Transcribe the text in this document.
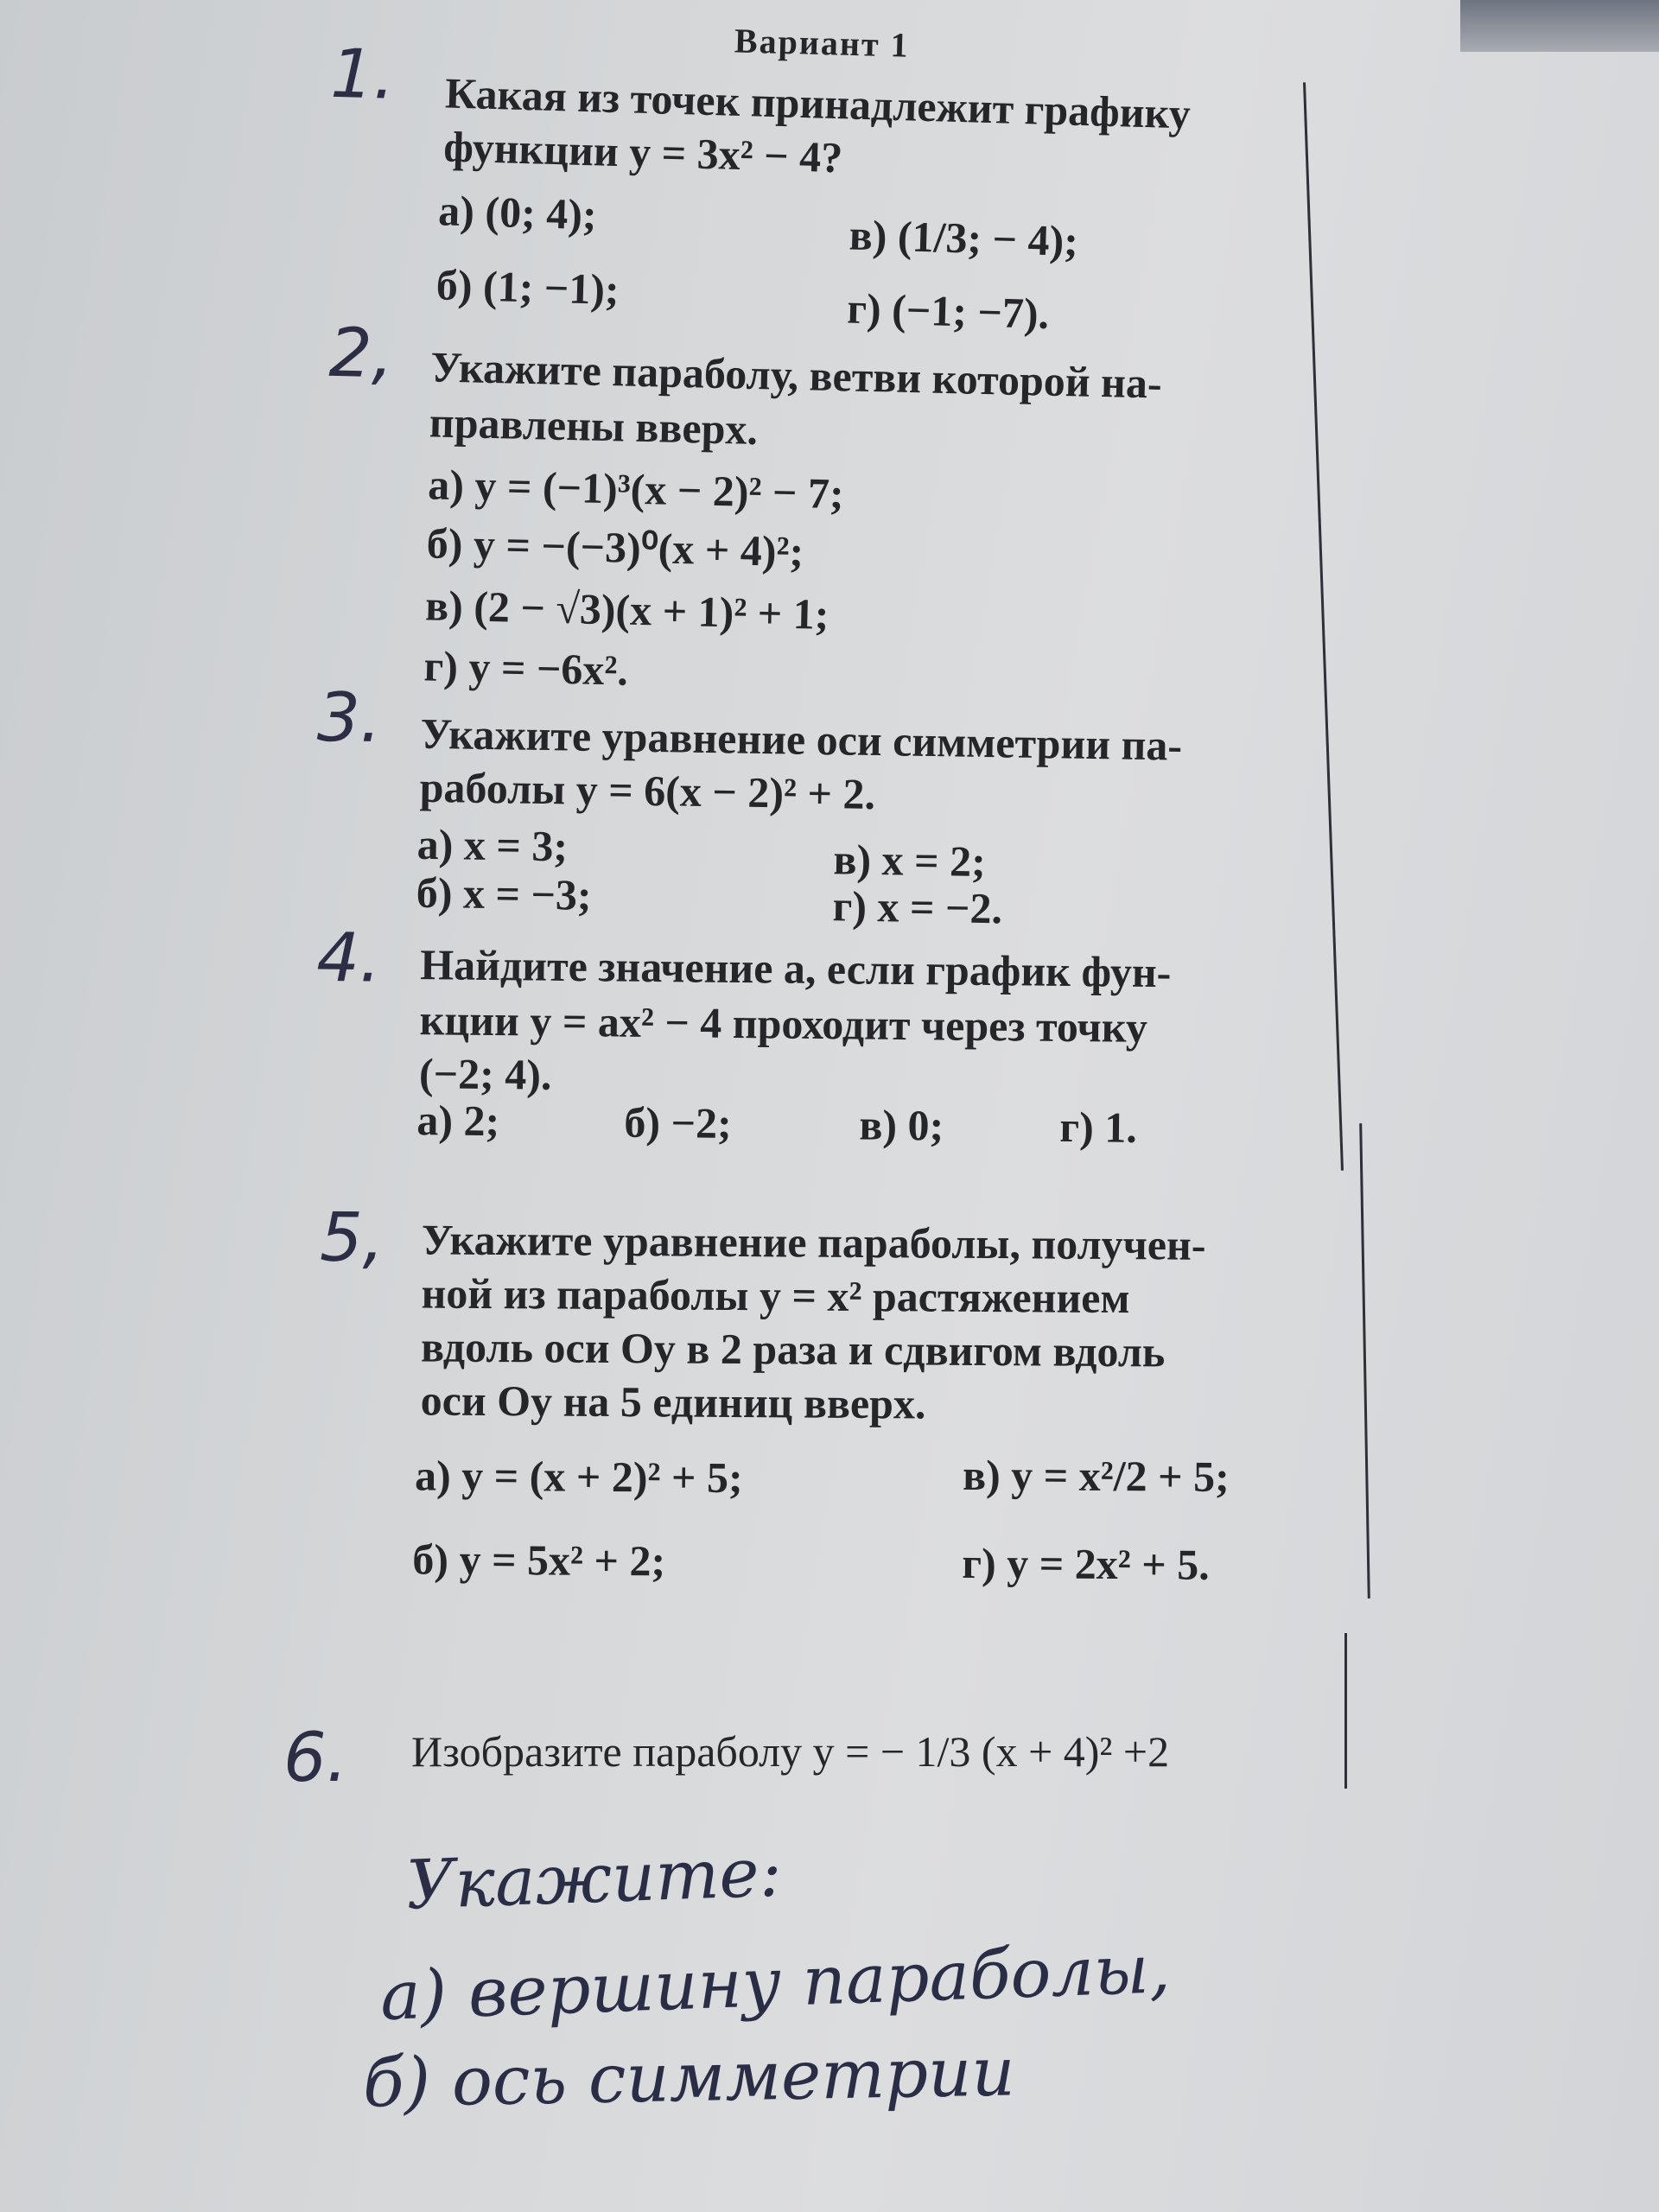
Вариант 1
1. Какая из точек принадлежит графику
функции y = 3x² − 4?
а) (0; 4);	в) (1/3; − 4);
б) (1; −1);	г) (−1; −7).
2, Укажите параболу, ветви которой на-
правлены вверх.
а) y = (−1)³(x − 2)² − 7;
б) y = −(−3)⁰(x + 4)²;
в) (2 − √3)(x + 1)² + 1;
г) y = −6x².
3. Укажите уравнение оси симметрии па-
раболы y = 6(x − 2)² + 2.
а) x = 3;	в) x = 2;
б) x = −3;	г) x = −2.
4. Найдите значение a, если график фун-
кции y = ax² − 4 проходит через точку
(−2; 4).
а) 2;	б) −2;	в) 0;	г) 1.
5, Укажите уравнение параболы, получен-
ной из параболы y = x² растяжением
вдоль оси Oy в 2 раза и сдвигом вдоль
оси Oy на 5 единиц вверх.
а) y = (x + 2)² + 5;	в) y = x²/2 + 5;
б) y = 5x² + 2;	г) y = 2x² + 5.
6. Изобразите параболу y = − 1/3 (x + 4)² +2
Укажите:
а) вершину параболы,
б) ось симметрии
